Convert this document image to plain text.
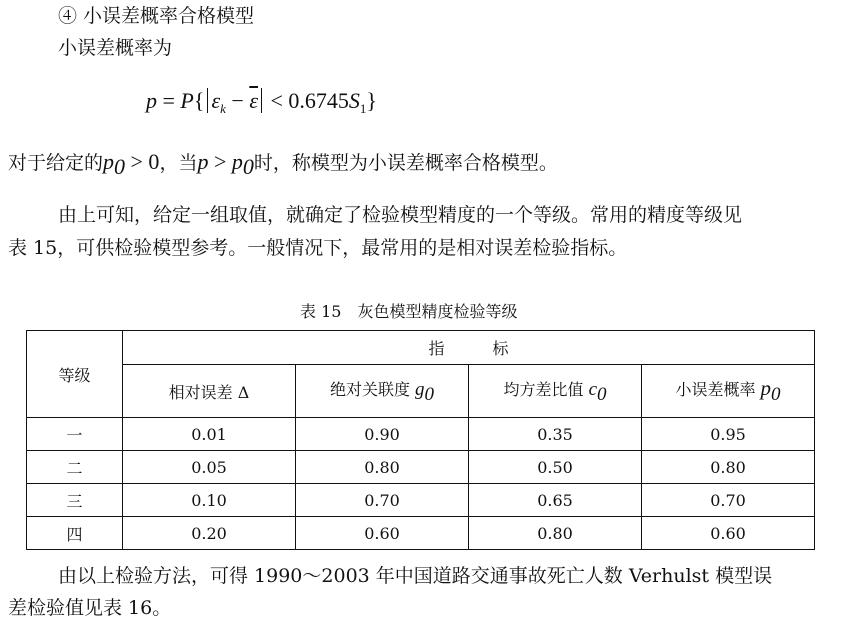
④ 小误差概率合格模型
小误差概率为
p = P{ $\varepsilon_k - \overline{\varepsilon} < 0.6745S_1$}
对于给定的$p_0 > 0$，当$p > p_0$时，称模型为小误差概率合格模型。
由上可知，给定一组取值，就确定了检验模型精度的一个等级。常用的精度等级见
表 15，可供检验模型参考。一般情况下，最常用的是相对误差检验指标。
表 15　灰色模型精度检验等级
等级	指　　　标			
	相对误差 Δ	绝对关联度 $g_0$	均方差比值 $c_0$	小误差概率 $p_0$
一	0.01	0.90	0.35	0.95
二	0.05	0.80	0.50	0.80
三	0.10	0.70	0.65	0.70
四	0.20	0.60	0.80	0.60
由以上检验方法，可得 1990～2003 年中国道路交通事故死亡人数 Verhulst 模型误
差检验值见表 16。
